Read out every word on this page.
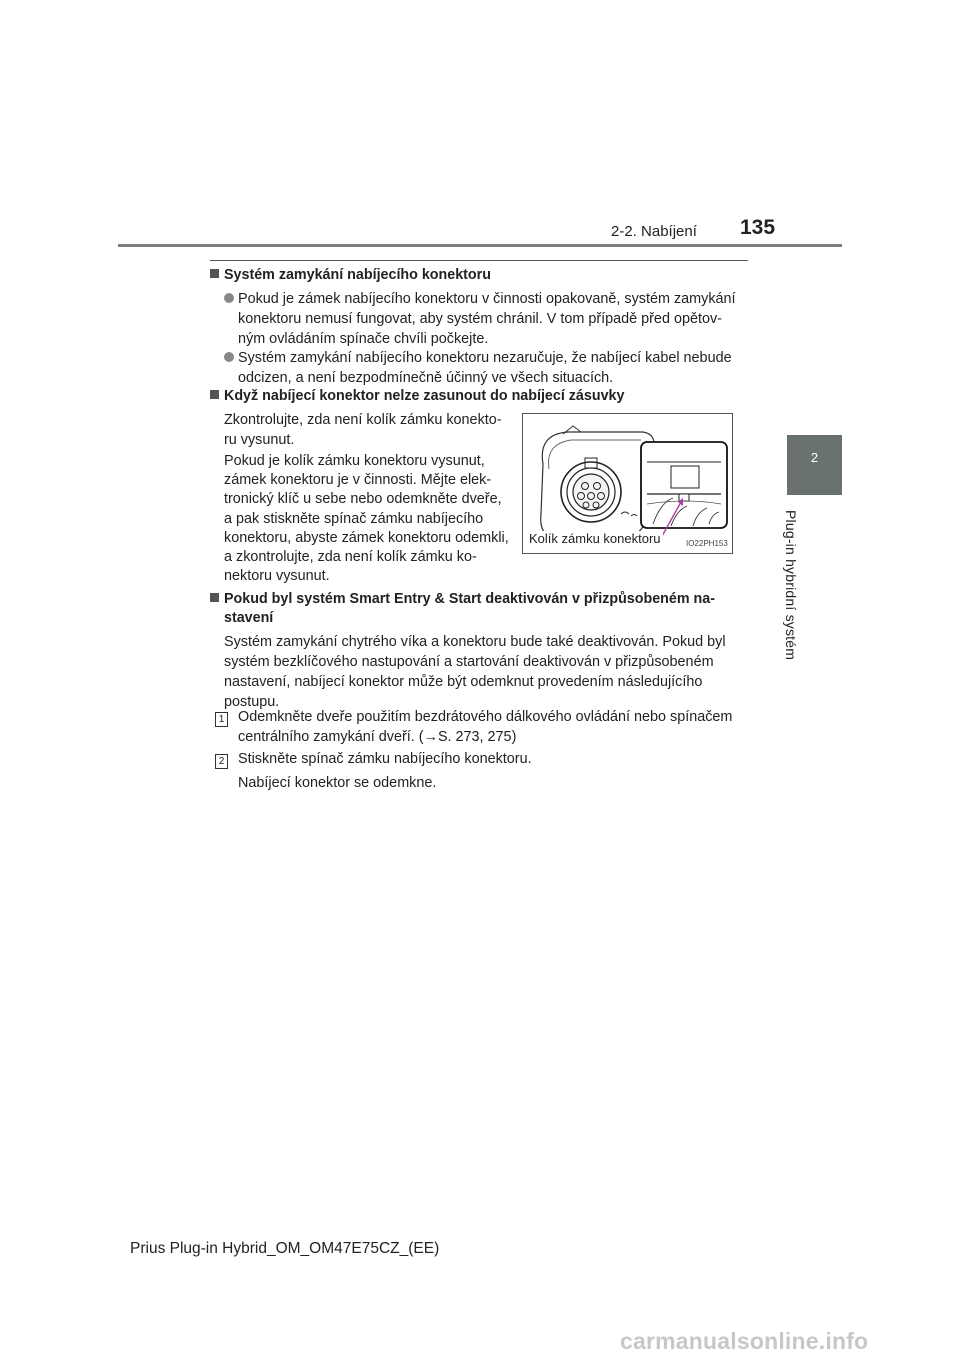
2-2. Nabíjení 135
2
Plug-in hybridní systém
Systém zamykání nabíjecího konektoru
Pokud je zámek nabíjecího konektoru v činnosti opakovaně, systém zamykání
konektoru nemusí fungovat, aby systém chránil. V tom případě před opětov-
ným ovládáním spínače chvíli počkejte.
Systém zamykání nabíjecího konektoru nezaručuje, že nabíjecí kabel nebude
odcizen, a není bezpodmínečně účinný ve všech situacích.
Když nabíjecí konektor nelze zasunout do nabíjecí zásuvky
Zkontrolujte, zda není kolík zámku konekto-
ru vysunut.
Pokud je kolík zámku konektoru vysunut,
zámek konektoru je v činnosti. Mějte elek-
tronický klíč u sebe nebo odemkněte dveře,
a pak stiskněte spínač zámku nabíjecího
konektoru, abyste zámek konektoru odemkli,
a zkontrolujte, zda není kolík zámku ko-
nektoru vysunut.
Kolík zámku konektoru	IO22PH153
Pokud byl systém Smart Entry & Start deaktivován v přizpůsobeném na-
stavení
Systém zamykání chytrého víka a konektoru bude také deaktivován. Pokud byl
systém bezklíčového nastupování a startování deaktivován v přizpůsobeném
nastavení, nabíjecí konektor může být odemknut provedením následujícího
postupu.
1 Odemkněte dveře použitím bezdrátového dálkového ovládání nebo spínačem
centrálního zamykání dveří. (→S. 273, 275)
2 Stiskněte spínač zámku nabíjecího konektoru.
Nabíjecí konektor se odemkne.
Prius Plug-in Hybrid_OM_OM47E75CZ_(EE)
carmanualsonline.info
